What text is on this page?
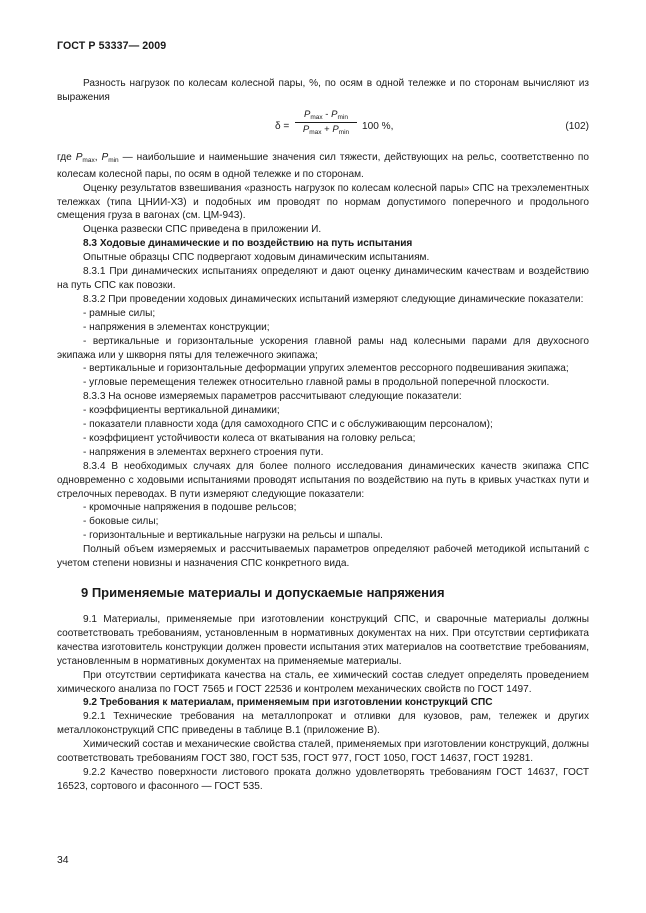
ГОСТ Р 53337— 2009

Разность нагрузок по колесам колесной пары, %, по осям в одной тележке и по сторонам вычисляют из выражения

δ =
$P_{max} - P_{min}$
$P_{max} + P_{min}$
100 %,	(102)

где $P_{max}$, $P_{min}$ — наибольшие и наименьшие значения сил тяжести, действующих на рельс, соответственно по колесам колесной пары, по осям в одной тележке и по сторонам.

Оценку результатов взвешивания «разность нагрузок по колесам колесной пары» СПС на трехэлементных тележках (типа ЦНИИ-ХЗ) и подобных им проводят по нормам допустимого поперечного и продольного смещения груза в вагонах (см. ЦМ-943).

Оценка развески СПС приведена в приложении И.

8.3 Ходовые динамические и по воздействию на путь испытания

Опытные образцы СПС подвергают ходовым динамическим испытаниям.

8.3.1 При динамических испытаниях определяют и дают оценку динамическим качествам и воздействию на путь СПС как повозки.

8.3.2 При проведении ходовых динамических испытаний измеряют следующие динамические показатели:

- рамные силы;

- напряжения в элементах конструкции;

- вертикальные и горизонтальные ускорения главной рамы над колесными парами для двухосного экипажа или у шкворня пяты для тележечного экипажа;

- вертикальные и горизонтальные деформации упругих элементов рессорного подвешивания экипажа;

- угловые перемещения тележек относительно главной рамы в продольной поперечной плоскости.

8.3.3 На основе измеряемых параметров рассчитывают следующие показатели:

- коэффициенты вертикальной динамики;

- показатели плавности хода (для самоходного СПС и с обслуживающим персоналом);

- коэффициент устойчивости колеса от вкатывания на головку рельса;

- напряжения в элементах верхнего строения пути.

8.3.4 В необходимых случаях для более полного исследования динамических качеств экипажа СПС одновременно с ходовыми испытаниями проводят испытания по воздействию на путь в кривых участках пути и стрелочных переводах. В пути измеряют следующие показатели:

- кромочные напряжения в подошве рельсов;

- боковые силы;

- горизонтальные и вертикальные нагрузки на рельсы и шпалы.

Полный объем измеряемых и рассчитываемых параметров определяют рабочей методикой испытаний с учетом степени новизны и назначения СПС конкретного вида.

9 Применяемые материалы и допускаемые напряжения

9.1 Материалы, применяемые при изготовлении конструкций СПС, и сварочные материалы должны соответствовать требованиям, установленным в нормативных документах на них. При отсутствии сертификата качества изготовитель конструкции должен провести испытания этих материалов на соответствие требованиям, установленным в нормативных документах на применяемые материалы.

При отсутствии сертификата качества на сталь, ее химический состав следует определять проведением химического анализа по ГОСТ 7565 и ГОСТ 22536 и контролем механических свойств по ГОСТ 1497.

9.2 Требования к материалам, применяемым при изготовлении конструкций СПС

9.2.1 Технические требования на металлопрокат и отливки для кузовов, рам, тележек и других металлоконструкций СПС приведены в таблице В.1 (приложение В).

Химический состав и механические свойства сталей, применяемых при изготовлении конструкций, должны соответствовать требованиям ГОСТ 380, ГОСТ 535, ГОСТ 977, ГОСТ 1050, ГОСТ 14637, ГОСТ 19281.

9.2.2 Качество поверхности листового проката должно удовлетворять требованиям ГОСТ 14637, ГОСТ 16523, сортового и фасонного — ГОСТ 535.

34
